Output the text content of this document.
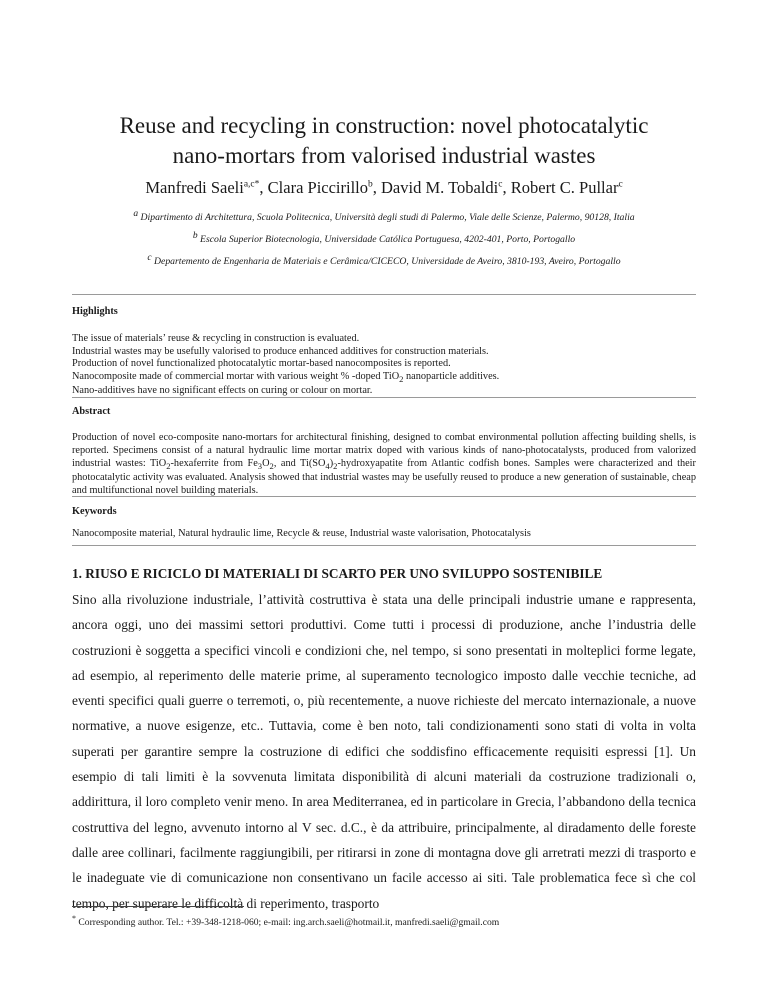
Reuse and recycling in construction: novel photocatalytic
nano-mortars from valorised industrial wastes
Manfredi Saeli$^{a,c*}$, Clara Piccirillo$^b$, David M. Tobaldi$^c$, Robert C. Pullar$^c$
$^a$ Dipartimento di Architettura, Scuola Politecnica, Università degli studi di Palermo, Viale delle Scienze, Palermo, 90128, Italia
$^b$ Escola Superior Biotecnologia, Universidade Católica Portuguesa, 4202-401, Porto, Portogallo
$^c$ Departemento de Engenharia de Materiais e Cerâmica/CICECO, Universidade de Aveiro, 3810-193, Aveiro, Portogallo
Highlights
The issue of materials’ reuse & recycling in construction is evaluated.
Industrial wastes may be usefully valorised to produce enhanced additives for construction materials.
Production of novel functionalized photocatalytic mortar-based nanocomposites is reported.
Nanocomposite made of commercial mortar with various weight % -doped TiO$_2$ nanoparticle additives.
Nano-additives have no significant effects on curing or colour on mortar.
Abstract
Production of novel eco-composite nano-mortars for architectural finishing, designed to combat environmental pollution affecting building shells, is reported. Specimens consist of a natural hydraulic lime mortar matrix doped with various kinds of nano-photocatalysts, produced from valorized industrial wastes: TiO$_2$-hexaferrite from $Fe_3O_2$, and $Ti(SO_4)_2$-hydroxyapatite from Atlantic codfish bones. Samples were characterized and their photocatalytic activity was evaluated. Analysis showed that industrial wastes may be usefully reused to produce a new generation of sustainable, cheap and multifunctional novel building materials.
Keywords
Nanocomposite material, Natural hydraulic lime, Recycle & reuse, Industrial waste valorisation, Photocatalysis
1. RIUSO E RICICLO DI MATERIALI DI SCARTO PER UNO SVILUPPO SOSTENIBILE
Sino alla rivoluzione industriale, l’attività costruttiva è stata una delle principali industrie umane e rappresenta, ancora oggi, uno dei massimi settori produttivi. Come tutti i processi di produzione, anche l’industria delle costruzioni è soggetta a specifici vincoli e condizioni che, nel tempo, si sono presentati in molteplici forme legate, ad esempio, al reperimento delle materie prime, al superamento tecnologico imposto dalle vecchie tecniche, ad eventi specifici quali guerre o terremoti, o, più recentemente, a nuove richieste del mercato internazionale, a nuove normative, a nuove esigenze, etc.. Tuttavia, come è ben noto, tali condizionamenti sono stati di volta in volta superati per garantire sempre la costruzione di edifici che soddisfino efficacemente requisiti espressi [1]. Un esempio di tali limiti è la sovvenuta limitata disponibilità di alcuni materiali da costruzione tradizionali o, addirittura, il loro completo venir meno. In area Mediterranea, ed in particolare in Grecia, l’abbandono della tecnica costruttiva del legno, avvenuto intorno al V sec. d.C., è da attribuire, principalmente, al diradamento delle foreste dalle aree collinari, facilmente raggiungibili, per ritirarsi in zone di montagna dove gli arretrati mezzi di trasporto e le inadeguate vie di comunicazione non consentivano un facile accesso ai siti. Tale problematica fece sì che col tempo, per superare le difficoltà di reperimento, trasporto
* Corresponding author. Tel.: +39-348-1218-060; e-mail: ing.arch.saeli@hotmail.it, manfredi.saeli@gmail.com
